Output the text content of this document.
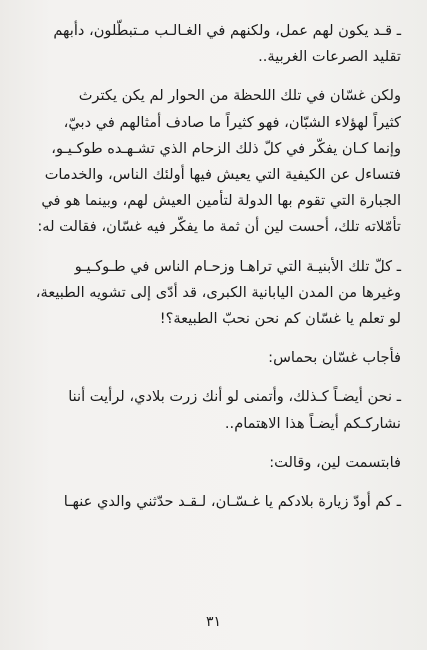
ـ قـد يكون لهم عمل، ولكنهم في الغـالـب مـتبطّلون، دأبهم
تقليد الصرعات الغربية..

ولكن غسّان في تلك اللحظة من الحوار لم يكن يكترث
كثيراً لهؤلاء الشبّان، فهو كثيراً ما صادف أمثالهم في دبيّ،
وإنما كـان يفكّر في كلّ ذلك الزحام الذي تشـهـده طوكـيـو،
فتساءل عن الكيفية التي يعيش فيها أولئك الناس، والخدمات
الجبارة التي تقوم بها الدولة لتأمين العيش لهم، وبينما هو في
تأمّلاته تلك، أحست لين أن ثمة ما يفكّر فيه غسّان، فقالت له:

ـ كلّ تلك الأبنيـة التي تراهـا وزحـام الناس في طـوكـيـو
وغيرها من المدن اليابانية الكبرى، قد أدّى إلى تشويه الطبيعة،
لو تعلم يا غسّان كم نحن نحبّ الطبيعة؟!

فأجاب غسّان بحماس:

ـ نحن أيضـاً كـذلك، وأتمنى لو أنك زرت بلادي، لرأيت أننا
نشاركـكم أيضـاً هذا الاهتمام..

فابتسمت لين، وقالت:

ـ كم أودّ زيارة بلادكم يا غـسّـان، لـقـد حدّثني والدي عنهـا

٣١
